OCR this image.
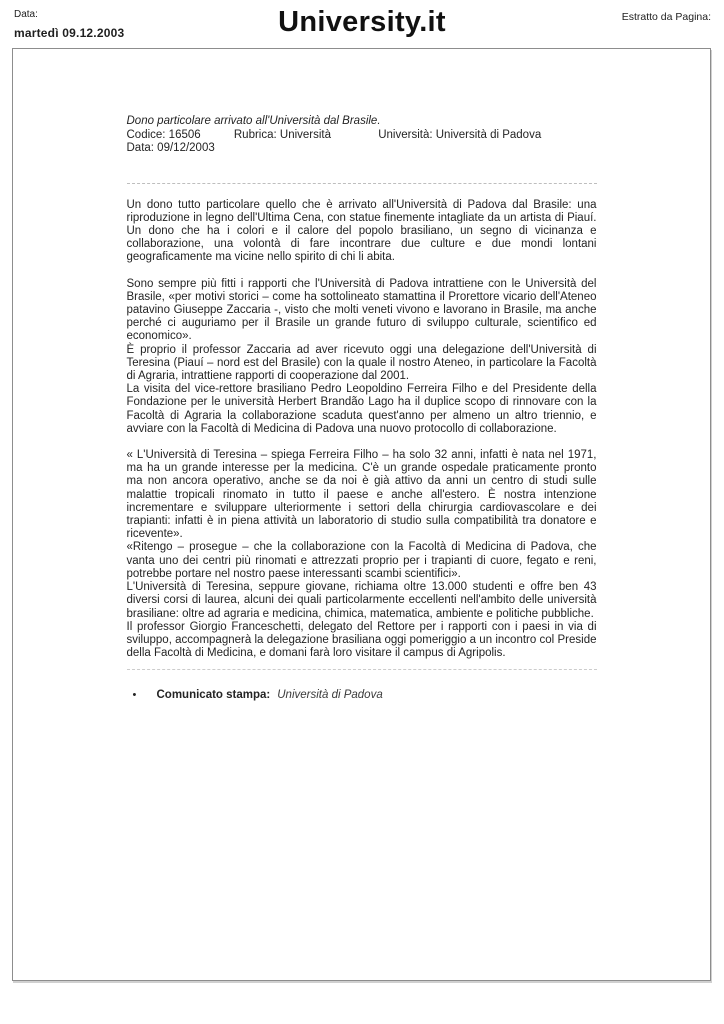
Data:
martedì 09.12.2003	University.it	Estratto da Pagina:
Dono particolare arrivato all'Università dal Brasile.
Codice: 16506	Rubrica: Università	Università: Università di Padova
Data: 09/12/2003

Un dono tutto particolare quello che è arrivato all'Università di Padova dal Brasile: una riproduzione in legno dell'Ultima Cena, con statue finemente intagliate da un artista di Piauí. Un dono che ha i colori e il calore del popolo brasiliano, un segno di vicinanza e collaborazione, una volontà di fare incontrare due culture e due mondi lontani geograficamente ma vicine nello spirito di chi li abita.

Sono sempre più fitti i rapporti che l'Università di Padova intrattiene con le Università del Brasile, «per motivi storici – come ha sottolineato stamattina il Prorettore vicario dell'Ateneo patavino Giuseppe Zaccaria -, visto che molti veneti vivono e lavorano in Brasile, ma anche perché ci auguriamo per il Brasile un grande futuro di sviluppo culturale, scientifico ed economico».

È proprio il professor Zaccaria ad aver ricevuto oggi una delegazione dell'Università di Teresina (Piauí – nord est del Brasile) con la quale il nostro Ateneo, in particolare la Facoltà di Agraria, intrattiene rapporti di cooperazione dal 2001.

La visita del vice-rettore brasiliano Pedro Leopoldino Ferreira Filho e del Presidente della Fondazione per le università Herbert Brandão Lago ha il duplice scopo di rinnovare con la Facoltà di Agraria la collaborazione scaduta quest'anno per almeno un altro triennio, e avviare con la Facoltà di Medicina di Padova una nuovo protocollo di collaborazione.

« L'Università di Teresina – spiega Ferreira Filho – ha solo 32 anni, infatti è nata nel 1971, ma ha un grande interesse per la medicina. C'è un grande ospedale praticamente pronto ma non ancora operativo, anche se da noi è già attivo da anni un centro di studi sulle malattie tropicali rinomato in tutto il paese e anche all'estero. È nostra intenzione incrementare e sviluppare ulteriormente i settori della chirurgia cardiovascolare e dei trapianti: infatti è in piena attività un laboratorio di studio sulla compatibilità tra donatore e ricevente».

«Ritengo – prosegue – che la collaborazione con la Facoltà di Medicina di Padova, che vanta uno dei centri più rinomati e attrezzati proprio per i trapianti di cuore, fegato e reni, potrebbe portare nel nostro paese interessanti scambi scientifici».

L'Università di Teresina, seppure giovane, richiama oltre 13.000 studenti e offre ben 43 diversi corsi di laurea, alcuni dei quali particolarmente eccellenti nell'ambito delle università brasiliane: oltre ad agraria e medicina, chimica, matematica, ambiente e politiche pubbliche.

Il professor Giorgio Franceschetti, delegato del Rettore per i rapporti con i paesi in via di sviluppo, accompagnerà la delegazione brasiliana oggi pomeriggio a un incontro col Preside della Facoltà di Medicina, e domani farà loro visitare il campus di Agripolis.

•	Comunicato stampa: Università di Padova
